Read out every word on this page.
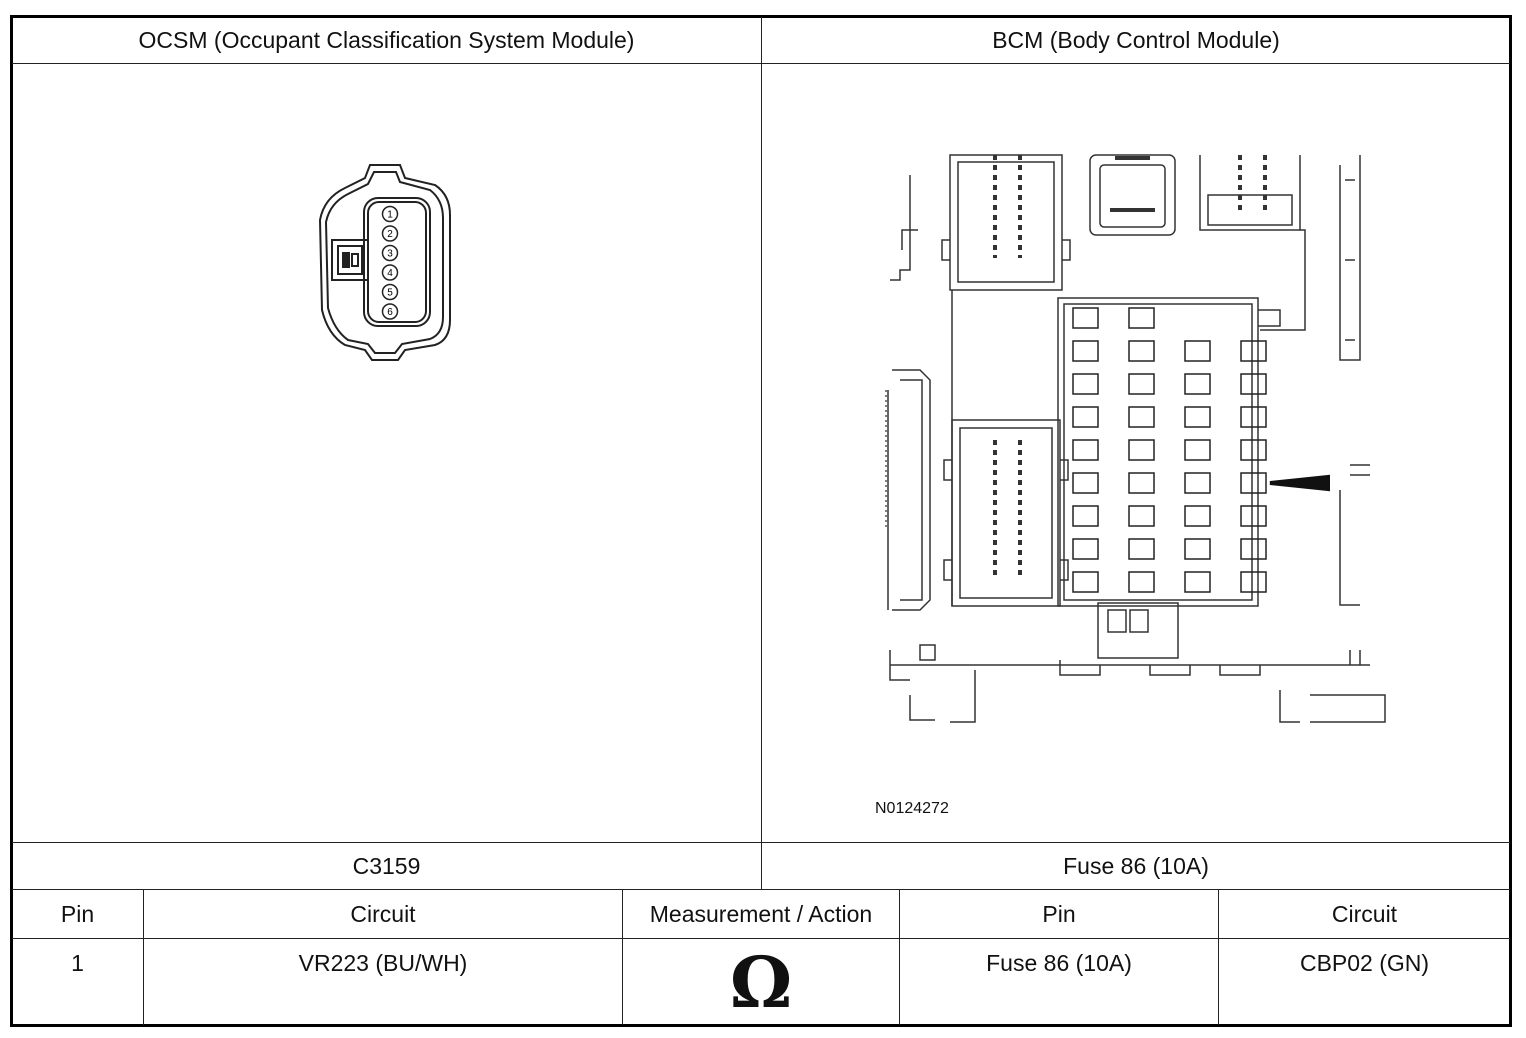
OCSM (Occupant Classification System Module)	BCM (Body Control Module)
1
2
3
4
5
6
N0124272
C3159	Fuse 86 (10A)
Pin	Circuit	Measurement / Action	Pin	Circuit
1	VR223 (BU/WH)	Ω	Fuse 86 (10A)	CBP02 (GN)
